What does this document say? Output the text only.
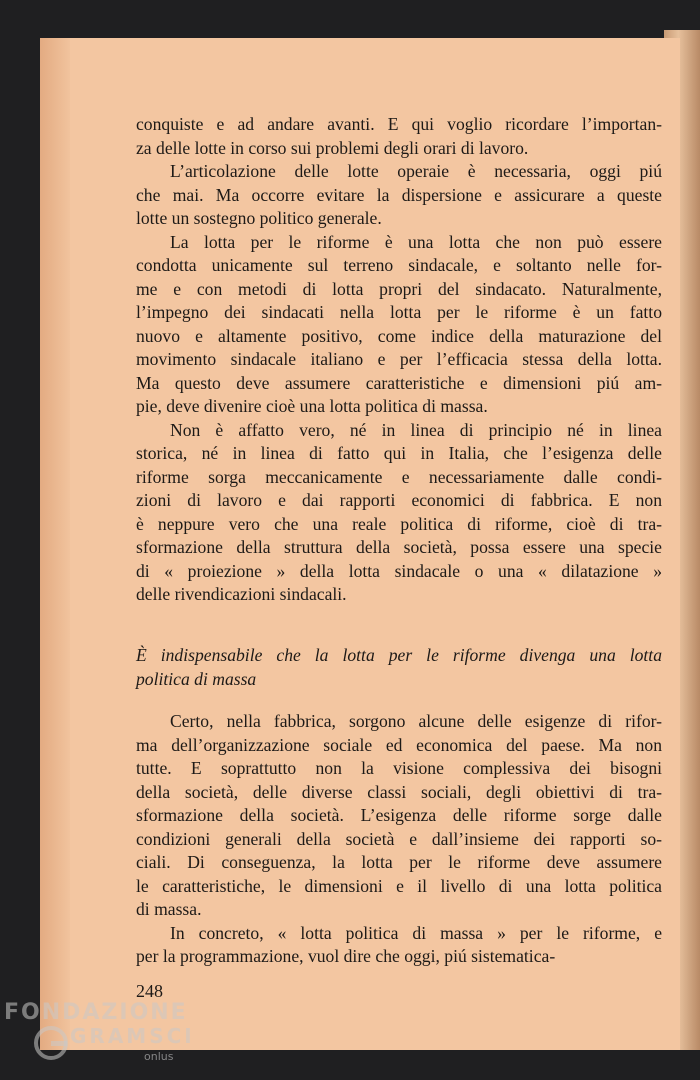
conquiste e ad andare avanti. E qui voglio ricordare l’importan-
za delle lotte in corso sui problemi degli orari di lavoro.
L’articolazione delle lotte operaie è necessaria, oggi piú
che mai. Ma occorre evitare la dispersione e assicurare a queste
lotte un sostegno politico generale.
La lotta per le riforme è una lotta che non può essere
condotta unicamente sul terreno sindacale, e soltanto nelle for-
me e con metodi di lotta propri del sindacato. Naturalmente,
l’impegno dei sindacati nella lotta per le riforme è un fatto
nuovo e altamente positivo, come indice della maturazione del
movimento sindacale italiano e per l’efficacia stessa della lotta.
Ma questo deve assumere caratteristiche e dimensioni piú am-
pie, deve divenire cioè una lotta politica di massa.
Non è affatto vero, né in linea di principio né in linea
storica, né in linea di fatto qui in Italia, che l’esigenza delle
riforme sorga meccanicamente e necessariamente dalle condi-
zioni di lavoro e dai rapporti economici di fabbrica. E non
è neppure vero che una reale politica di riforme, cioè di tra-
sformazione della struttura della società, possa essere una specie
di « proiezione » della lotta sindacale o una « dilatazione »
delle rivendicazioni sindacali.
È indispensabile che la lotta per le riforme divenga una lotta
politica di massa
Certo, nella fabbrica, sorgono alcune delle esigenze di rifor-
ma dell’organizzazione sociale ed economica del paese. Ma non
tutte. E soprattutto non la visione complessiva dei bisogni
della società, delle diverse classi sociali, degli obiettivi di tra-
sformazione della società. L’esigenza delle riforme sorge dalle
condizioni generali della società e dall’insieme dei rapporti so-
ciali. Di conseguenza, la lotta per le riforme deve assumere
le caratteristiche, le dimensioni e il livello di una lotta politica
di massa.
In concreto, « lotta politica di massa » per le riforme, e
per la programmazione, vuol dire che oggi, piú sistematica-
248
FONDAZIONE
GRAMSCI
onlus
